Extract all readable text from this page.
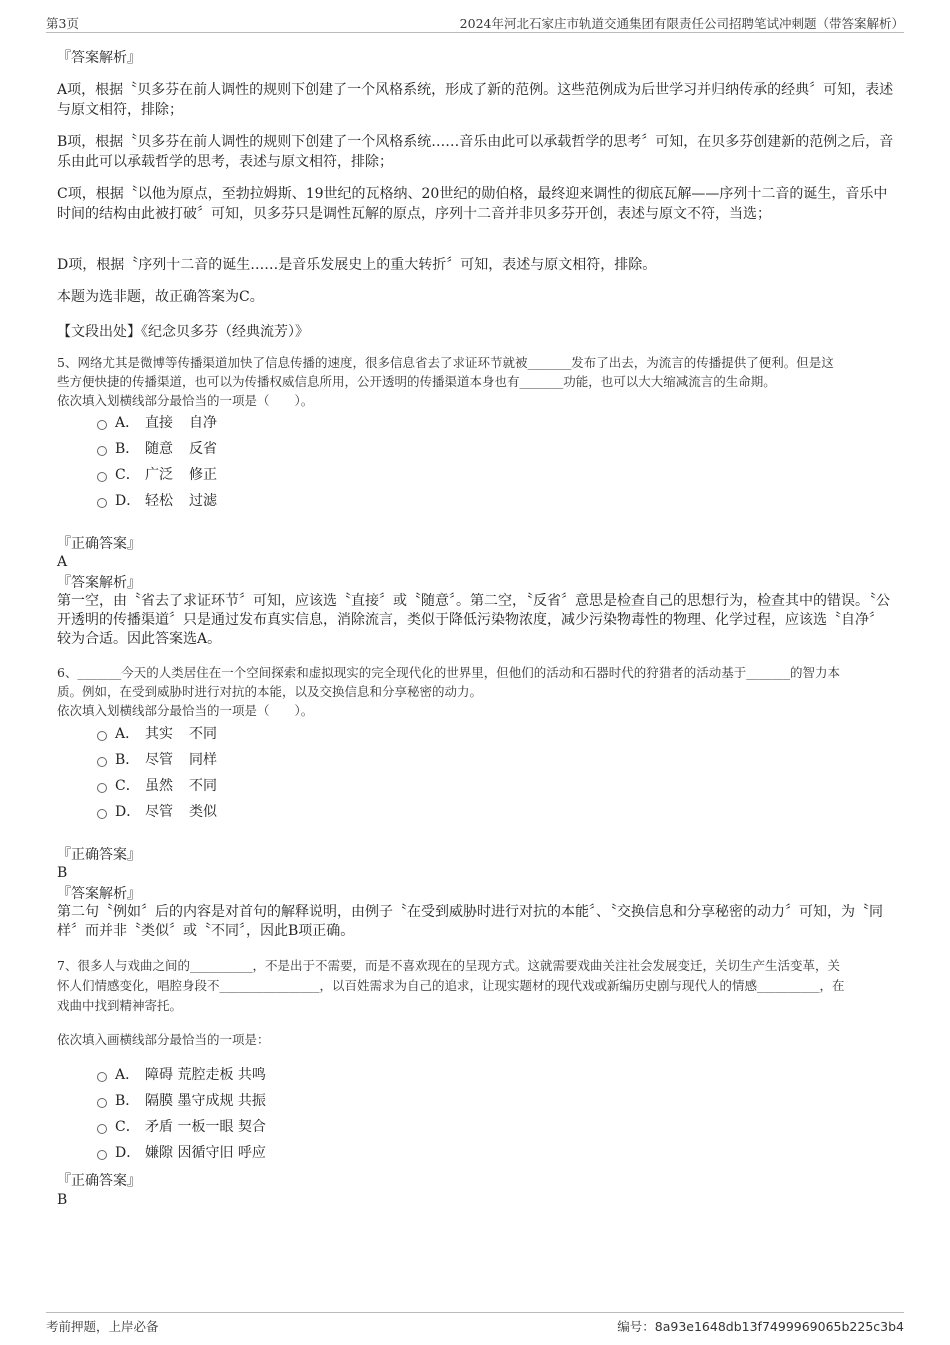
第3页	2024年河北石家庄市轨道交通集团有限责任公司招聘笔试冲刺题（带答案解析）
『答案解析』
A项，根据〝贝多芬在前人调性的规则下创建了一个风格系统，形成了新的范例。这些范例成为后世学习并归纳传承的经典〞可知，表述与原文相符，排除；
B项，根据〝贝多芬在前人调性的规则下创建了一个风格系统……音乐由此可以承载哲学的思考〞可知，在贝多芬创建新的范例之后，音乐由此可以承载哲学的思考，表述与原文相符，排除；
C项，根据〝以他为原点，至勃拉姆斯、19世纪的瓦格纳、20世纪的勋伯格，最终迎来调性的彻底瓦解——序列十二音的诞生，音乐中时间的结构由此被打破〞可知，贝多芬只是调性瓦解的原点，序列十二音并非贝多芬开创，表述与原文不符，当选；
D项，根据〝序列十二音的诞生……是音乐发展史上的重大转折〞可知，表述与原文相符，排除。
本题为选非题，故正确答案为C。
【文段出处】《纪念贝多芬（经典流芳）》
5、网络尤其是微博等传播渠道加快了信息传播的速度，很多信息省去了求证环节就被_______发布了出去，为流言的传播提供了便利。但是这
些方便快捷的传播渠道，也可以为传播权威信息所用，公开透明的传播渠道本身也有_______功能，也可以大大缩减流言的生命期。
依次填入划横线部分最恰当的一项是（　　）。
A． 直接 自净
B． 随意 反省
C． 广泛 修正
D． 轻松 过滤
『正确答案』
A
『答案解析』
第一空，由〝省去了求证环节〞可知，应该选〝直接〞或〝随意〞。第二空，〝反省〞意思是检查自己的思想行为，检查其中的错误。〝公开透明的传播渠道〞只是通过发布真实信息，消除流言，类似于降低污染物浓度，减少污染物毒性的物理、化学过程，应该选〝自净〞较为合适。因此答案选A。
6、_______今天的人类居住在一个空间探索和虚拟现实的完全现代化的世界里，但他们的活动和石器时代的狩猎者的活动基于_______的智力本
质。例如，在受到威胁时进行对抗的本能，以及交换信息和分享秘密的动力。
依次填入划横线部分最恰当的一项是（　　）。
A． 其实 不同
B． 尽管 同样
C． 虽然 不同
D． 尽管 类似
『正确答案』
B
『答案解析』
第二句〝例如〞后的内容是对首句的解释说明，由例子〝在受到威胁时进行对抗的本能〞、〝交换信息和分享秘密的动力〞可知，为〝同样〞而并非〝类似〞或〝不同〞，因此B项正确。
7、很多人与戏曲之间的__________，不是出于不需要，而是不喜欢现在的呈现方式。这就需要戏曲关注社会发展变迁，关切生产生活变革，关
怀人们情感变化，唱腔身段不________________，以百姓需求为自己的追求，让现实题材的现代戏或新编历史剧与现代人的情感__________，在
戏曲中找到精神寄托。
依次填入画横线部分最恰当的一项是：
A． 障碍 荒腔走板 共鸣
B． 隔膜 墨守成规 共振
C． 矛盾 一板一眼 契合
D． 嫌隙 因循守旧 呼应
『正确答案』
B
考前押题，上岸必备	编号：8a93e1648db13f7499969065b225c3b4
